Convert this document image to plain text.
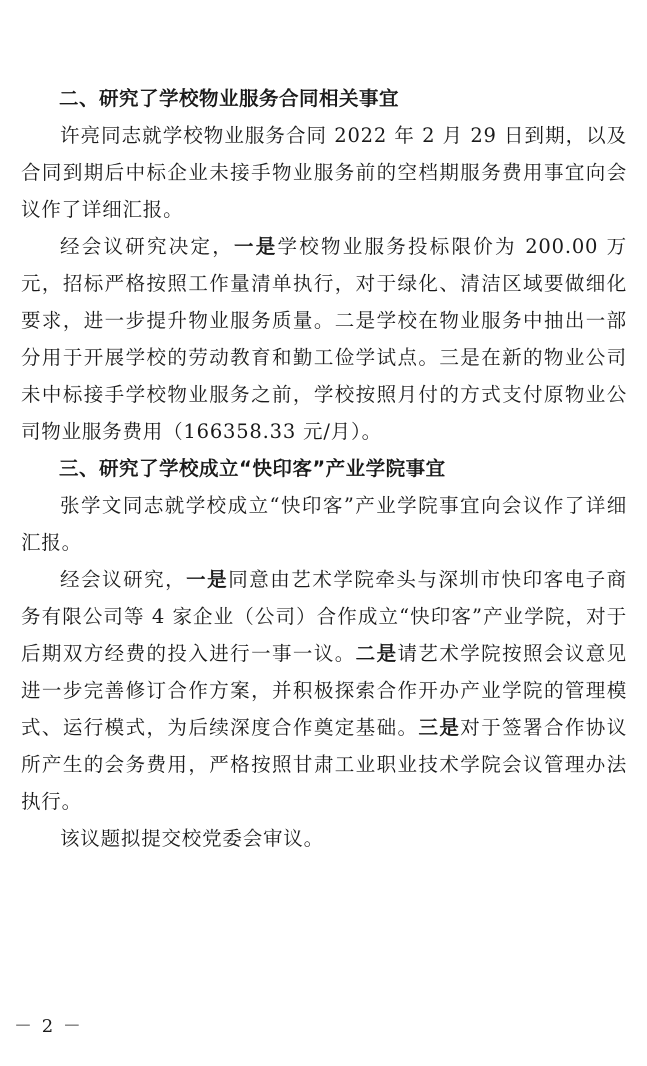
二、研究了学校物业服务合同相关事宜

许亮同志就学校物业服务合同 2022 年 2 月 29 日到期，以及合同到期后中标企业未接手物业服务前的空档期服务费用事宜向会议作了详细汇报。

经会议研究决定，一是学校物业服务投标限价为 200.00 万元，招标严格按照工作量清单执行，对于绿化、清洁区域要做细化要求，进一步提升物业服务质量。二是学校在物业服务中抽出一部分用于开展学校的劳动教育和勤工俭学试点。三是在新的物业公司未中标接手学校物业服务之前，学校按照月付的方式支付原物业公司物业服务费用（166358.33 元/月）。

三、研究了学校成立“快印客”产业学院事宜

张学文同志就学校成立“快印客”产业学院事宜向会议作了详细汇报。

经会议研究，一是同意由艺术学院牵头与深圳市快印客电子商务有限公司等 4 家企业（公司）合作成立“快印客”产业学院，对于后期双方经费的投入进行一事一议。二是请艺术学院按照会议意见进一步完善修订合作方案，并积极探索合作开办产业学院的管理模式、运行模式，为后续深度合作奠定基础。三是对于签署合作协议所产生的会务费用，严格按照甘肃工业职业技术学院会议管理办法执行。

该议题拟提交校党委会审议。

－ 2 －
